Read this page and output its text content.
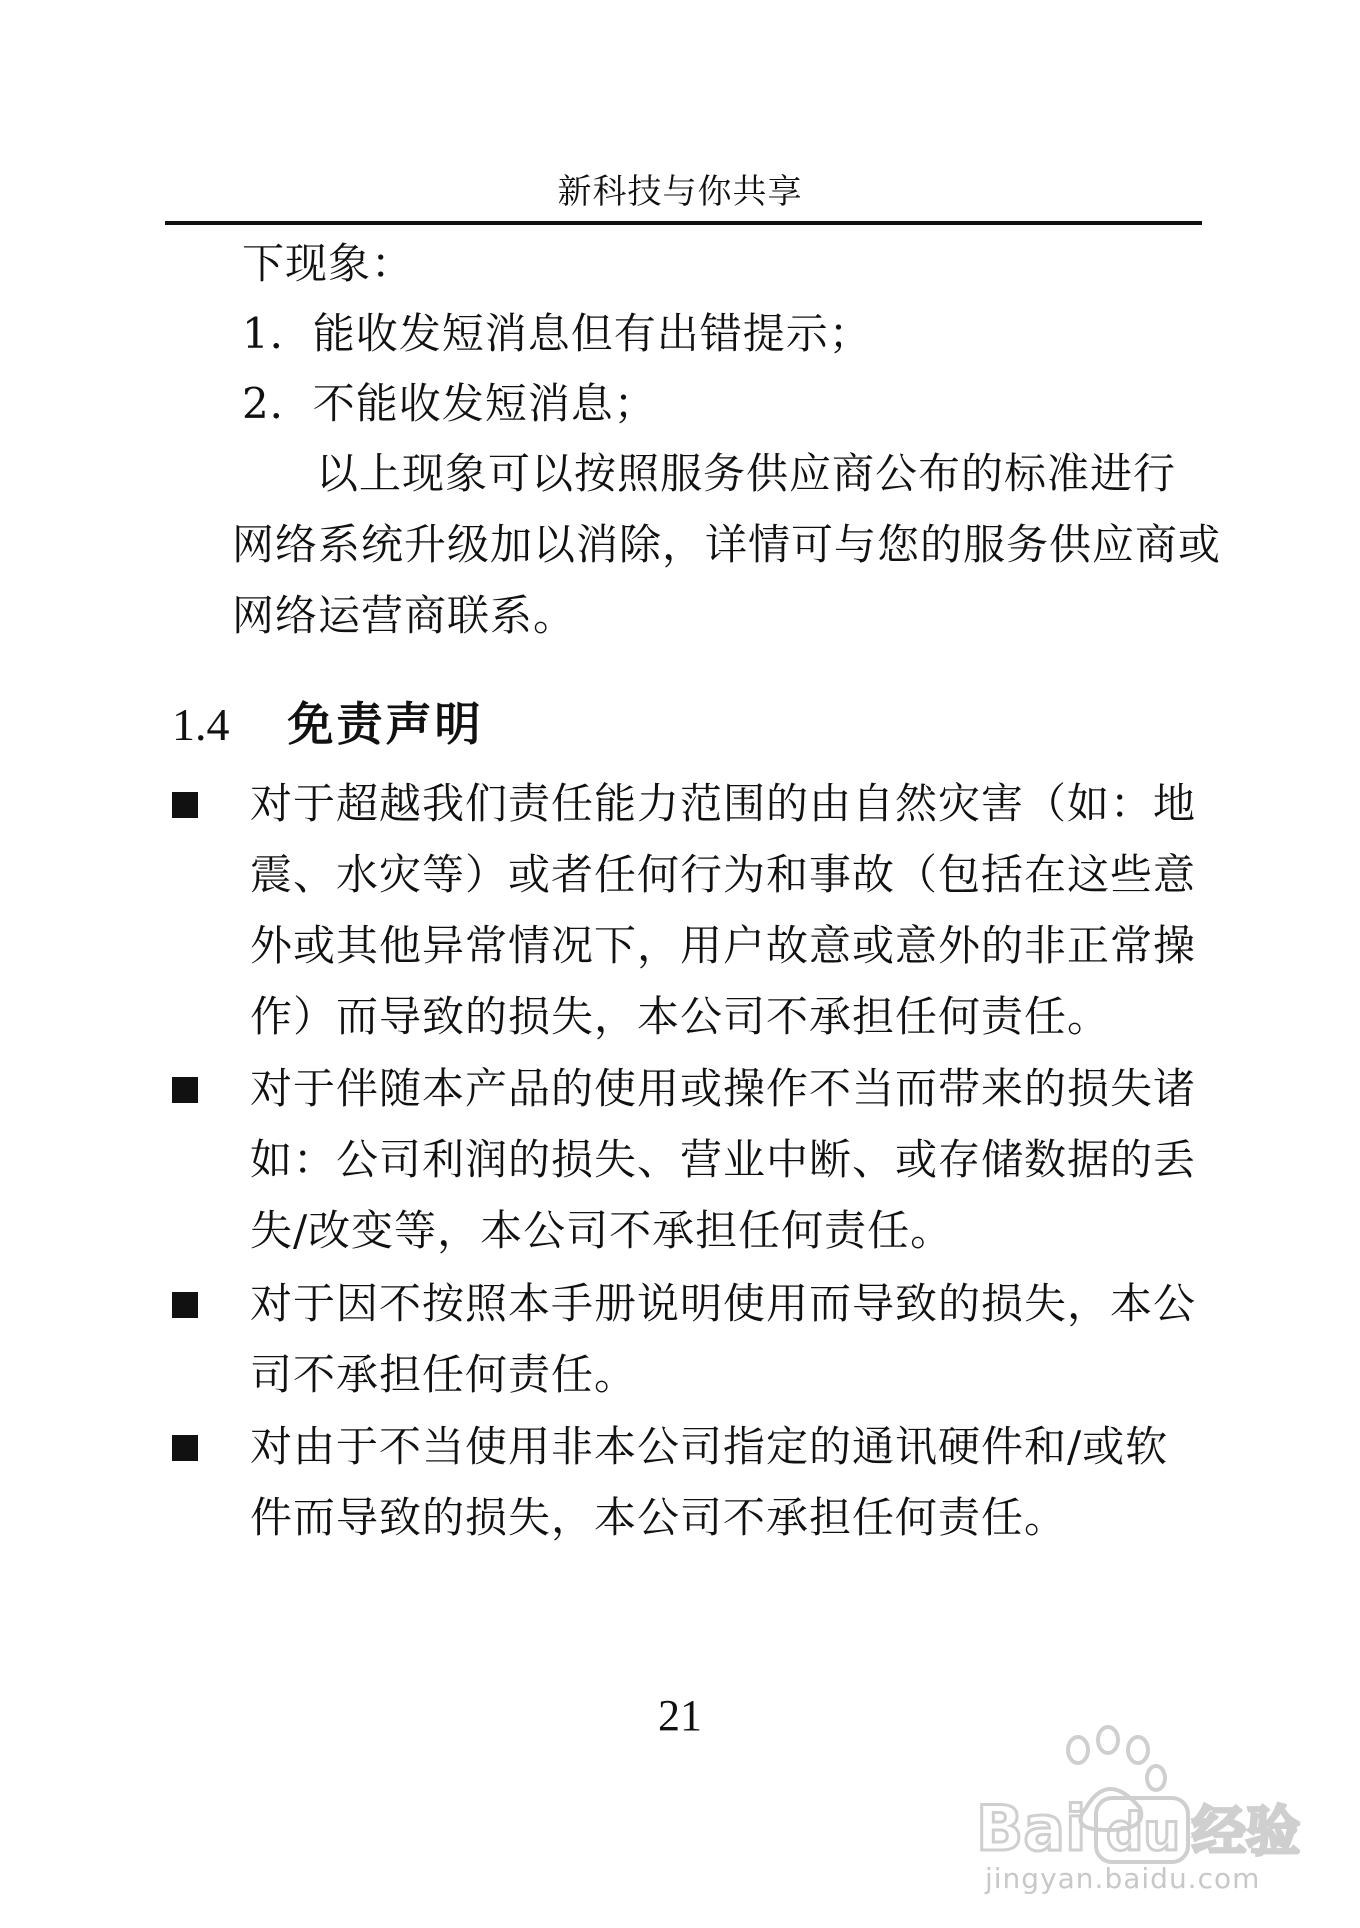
新科技与你共享
下现象：
1．能收发短消息但有出错提示；
2．不能收发短消息；
以上现象可以按照服务供应商公布的标准进行
网络系统升级加以消除，详情可与您的服务供应商或
网络运营商联系。
1.4 免责声明
对于超越我们责任能力范围的由自然灾害（如：地
震、水灾等）或者任何行为和事故（包括在这些意
外或其他异常情况下，用户故意或意外的非正常操
作）而导致的损失，本公司不承担任何责任。
对于伴随本产品的使用或操作不当而带来的损失诸
如：公司利润的损失、营业中断、或存储数据的丢
失/改变等，本公司不承担任何责任。
对于因不按照本手册说明使用而导致的损失，本公
司不承担任何责任。
对由于不当使用非本公司指定的通讯硬件和/或软
件而导致的损失，本公司不承担任何责任。
21
Bai du 经验
jingyan.baidu.com
